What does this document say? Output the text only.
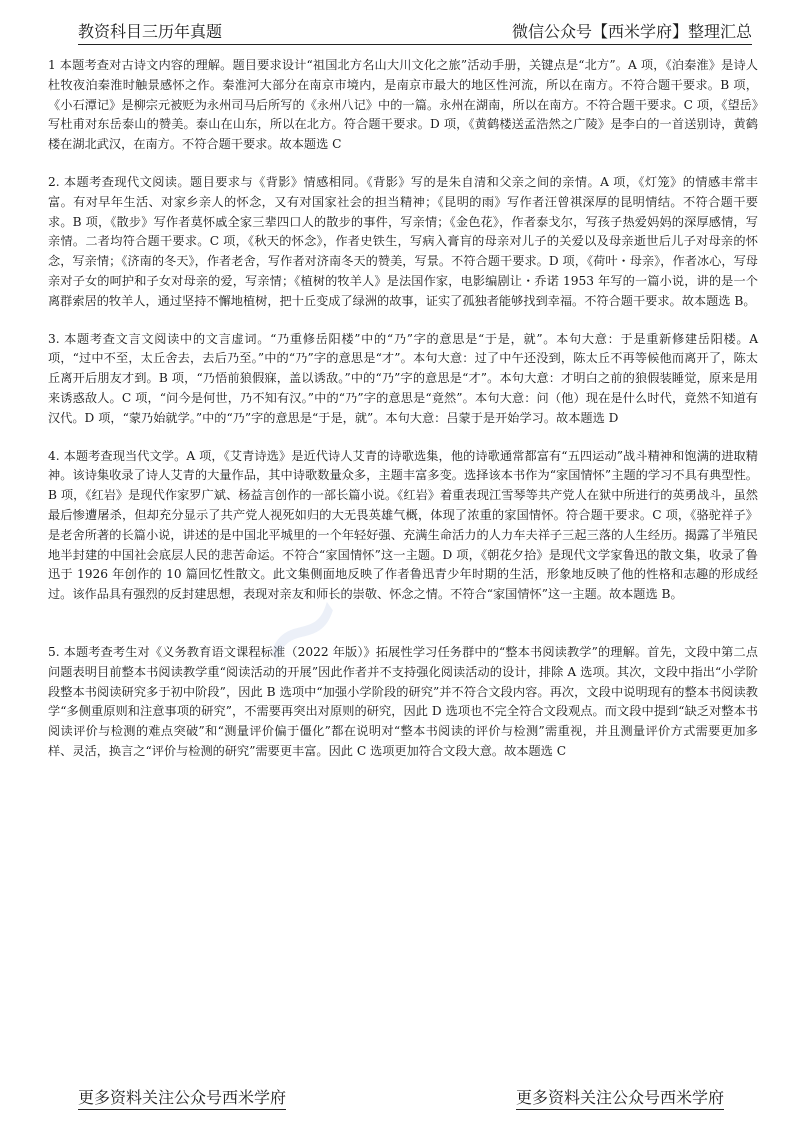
教资科目三历年真题	微信公众号【西米学府】整理汇总

1 本题考查对古诗文内容的理解。题目要求设计“祖国北方名山大川文化之旅”活动手册，关键点是“北方”。A 项，《泊秦淮》是诗人杜牧夜泊秦淮时触景感怀之作。秦淮河大部分在南京市境内，是南京市最大的地区性河流，所以在南方。不符合题干要求。B 项，《小石潭记》是柳宗元被贬为永州司马后所写的《永州八记》中的一篇。永州在湖南，所以在南方。不符合题干要求。C 项，《望岳》写杜甫对东岳泰山的赞美。泰山在山东，所以在北方。符合题干要求。D 项，《黄鹤楼送孟浩然之广陵》是李白的一首送别诗，黄鹤楼在湖北武汉，在南方。不符合题干要求。故本题选 C

2. 本题考查现代文阅读。题目要求与《背影》情感相同。《背影》写的是朱自清和父亲之间的亲情。A 项，《灯笼》的情感丰常丰富。有对早年生活、对家乡亲人的怀念，又有对国家社会的担当精神；《昆明的雨》写作者汪曾祺深厚的昆明情结。不符合题干要求。B 项，《散步》写作者莫怀戚全家三辈四口人的散步的事件，写亲情；《金色花》，作者泰戈尔，写孩子热爱妈妈的深厚感情，写亲情。二者均符合题干要求。C 项，《秋天的怀念》，作者史铁生，写病入膏肓的母亲对儿子的关爱以及母亲逝世后儿子对母亲的怀念，写亲情；《济南的冬天》，作者老舍，写作者对济南冬天的赞美，写景。不符合题干要求。D 项，《荷叶・母亲》，作者冰心，写母亲对子女的呵护和子女对母亲的爱，写亲情；《植树的牧羊人》是法国作家，电影编剧让・乔诺 1953 年写的一篇小说，讲的是一个离群索居的牧羊人，通过坚持不懈地植树，把十丘变成了绿洲的故事，证实了孤独者能够找到幸福。不符合题干要求。故本题选 B。

3. 本题考查文言文阅读中的文言虚词。“乃重修岳阳楼”中的“乃”字的意思是“于是，就”。本句大意：于是重新修建岳阳楼。A 项，“过中不至，太丘舍去，去后乃至。”中的“乃”字的意思是“才”。本句大意：过了中午还没到，陈太丘不再等候他而离开了，陈太丘离开后朋友才到。B 项，“乃悟前狼假寐，盖以诱敌。”中的“乃”字的意思是“才”。本句大意：才明白之前的狼假装睡觉，原来是用来诱惑敌人。C 项，“问今是何世，乃不知有汉。”中的“乃”字的意思是“竟然”。本句大意：问（他）现在是什么时代，竟然不知道有汉代。D 项，“蒙乃始就学。”中的“乃”字的意思是“于是，就”。本句大意：吕蒙于是开始学习。故本题选 D

4. 本题考查现当代文学。A 项，《艾青诗选》是近代诗人艾青的诗歌选集，他的诗歌通常都富有“五四运动”战斗精神和饱满的进取精神。该诗集收录了诗人艾青的大量作品，其中诗歌数量众多，主题丰富多变。选择该本书作为“家国情怀”主题的学习不具有典型性。B 项，《红岩》是现代作家罗广斌、杨益言创作的一部长篇小说。《红岩》着重表现江雪琴等共产党人在狱中所进行的英勇战斗，虽然最后惨遭屠杀，但却充分显示了共产党人视死如归的大无畏英雄气概，体现了浓重的家国情怀。符合题干要求。C 项，《骆驼祥子》是老舍所著的长篇小说，讲述的是中国北平城里的一个年轻好强、充满生命活力的人力车夫祥子三起三落的人生经历。揭露了半殖民地半封建的中国社会底层人民的悲苦命运。不符合“家国情怀”这一主题。D 项，《朝花夕拾》是现代文学家鲁迅的散文集，收录了鲁迅于 1926 年创作的 10 篇回忆性散文。此文集侧面地反映了作者鲁迅青少年时期的生活，形象地反映了他的性格和志趣的形成经过。该作品具有强烈的反封建思想，表现对亲友和师长的崇敬、怀念之情。不符合“家国情怀”这一主题。故本题选 B。

5. 本题考查考生对《义务教育语文课程标准（2022 年版）》拓展性学习任务群中的“整本书阅读教学”的理解。首先，文段中第二点问题表明目前整本书阅读教学重“阅读活动的开展”因此作者并不支持强化阅读活动的设计，排除 A 选项。其次，文段中指出“小学阶段整本书阅读研究多于初中阶段”，因此 B 选项中“加强小学阶段的研究”并不符合文段内容。再次，文段中说明现有的整本书阅读教学“多侧重原则和注意事项的研究”，不需要再突出对原则的研究，因此 D 选项也不完全符合文段观点。而文段中提到“缺乏对整本书阅读评价与检测的难点突破”和“测量评价偏于僵化”都在说明对“整本书阅读的评价与检测”需重视，并且测量评价方式需要更加多样、灵活，换言之“评价与检测的研究”需要更丰富。因此 C 选项更加符合文段大意。故本题选 C

~
更多资料关注公众号西米学府	更多资料关注公众号西米学府
